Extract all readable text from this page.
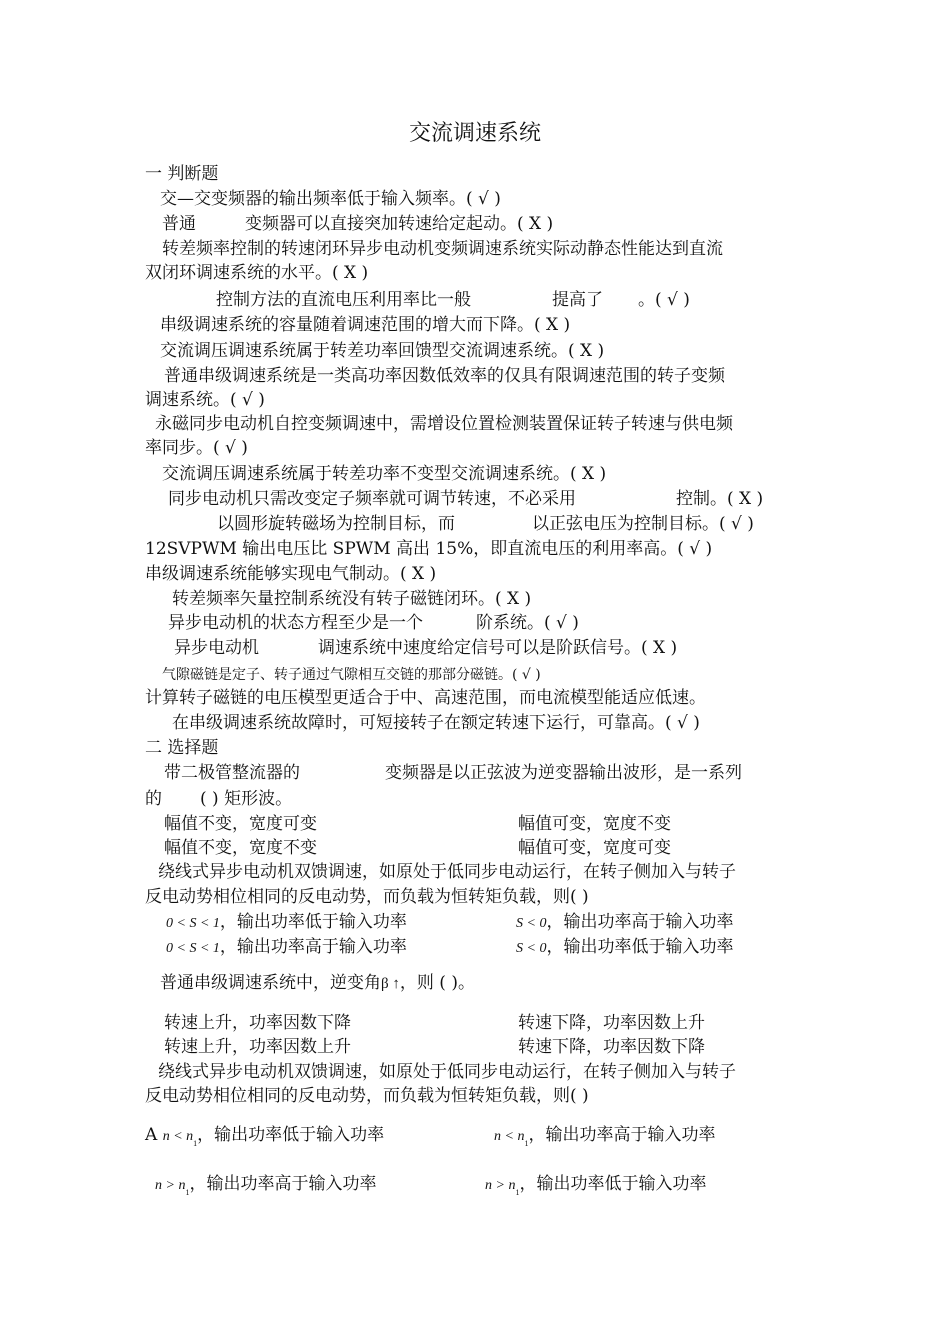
交流调速系统
一 判断题
交—交变频器的输出频率低于输入频率。( √ )
普通	变频器可以直接突加转速给定起动。( X )
转差频率控制的转速闭环异步电动机变频调速系统实际动静态性能达到直流
双闭环调速系统的水平。( X )
控制方法的直流电压利用率比一般	提高了 。( √ )
串级调速系统的容量随着调速范围的增大而下降。( X )
交流调压调速系统属于转差功率回馈型交流调速系统。( X )
普通串级调速系统是一类高功率因数低效率的仅具有限调速范围的转子变频
调速系统。( √ )
永磁同步电动机自控变频调速中，需增设位置检测装置保证转子转速与供电频
率同步。( √ )
交流调压调速系统属于转差功率不变型交流调速系统。( X )
同步电动机只需改变定子频率就可调节转速，不必采用	控制。( X )
以圆形旋转磁场为控制目标，而	以正弦电压为控制目标。( √ )
12SVPWM 输出电压比 SPWM 高出 15%，即直流电压的利用率高。( √ )
串级调速系统能够实现电气制动。( X )
转差频率矢量控制系统没有转子磁链闭环。( X )
异步电动机的状态方程至少是一个	阶系统。( √ )
异步电动机	调速系统中速度给定信号可以是阶跃信号。( X )
气隙磁链是定子、转子通过气隙相互交链的那部分磁链。( √ )
计算转子磁链的电压模型更适合于中、高速范围，而电流模型能适应低速。
在串级调速系统故障时，可短接转子在额定转速下运行，可靠高。( √ )
二 选择题
带二极管整流器的	变频器是以正弦波为逆变器输出波形，是一系列
的 ( ) 矩形波。
幅值不变，宽度可变	幅值可变，宽度不变
幅值不变，宽度不变	幅值可变，宽度可变
绕线式异步电动机双馈调速，如原处于低同步电动运行，在转子侧加入与转子
反电动势相位相同的反电动势，而负载为恒转矩负载，则( )
0 < S < 1，输出功率低于输入功率	S < 0，输出功率高于输入功率
0 < S < 1，输出功率高于输入功率	S < 0，输出功率低于输入功率
普通串级调速系统中，逆变角β ↑，则 ( )。
转速上升，功率因数下降	转速下降，功率因数上升
转速上升，功率因数上升	转速下降，功率因数下降
绕线式异步电动机双馈调速，如原处于低同步电动运行，在转子侧加入与转子
反电动势相位相同的反电动势，而负载为恒转矩负载，则( )
A $n < n_1$，输出功率低于输入功率	$n < n_1$，输出功率高于输入功率
$n > n_1$，输出功率高于输入功率	$n > n_1$，输出功率低于输入功率
